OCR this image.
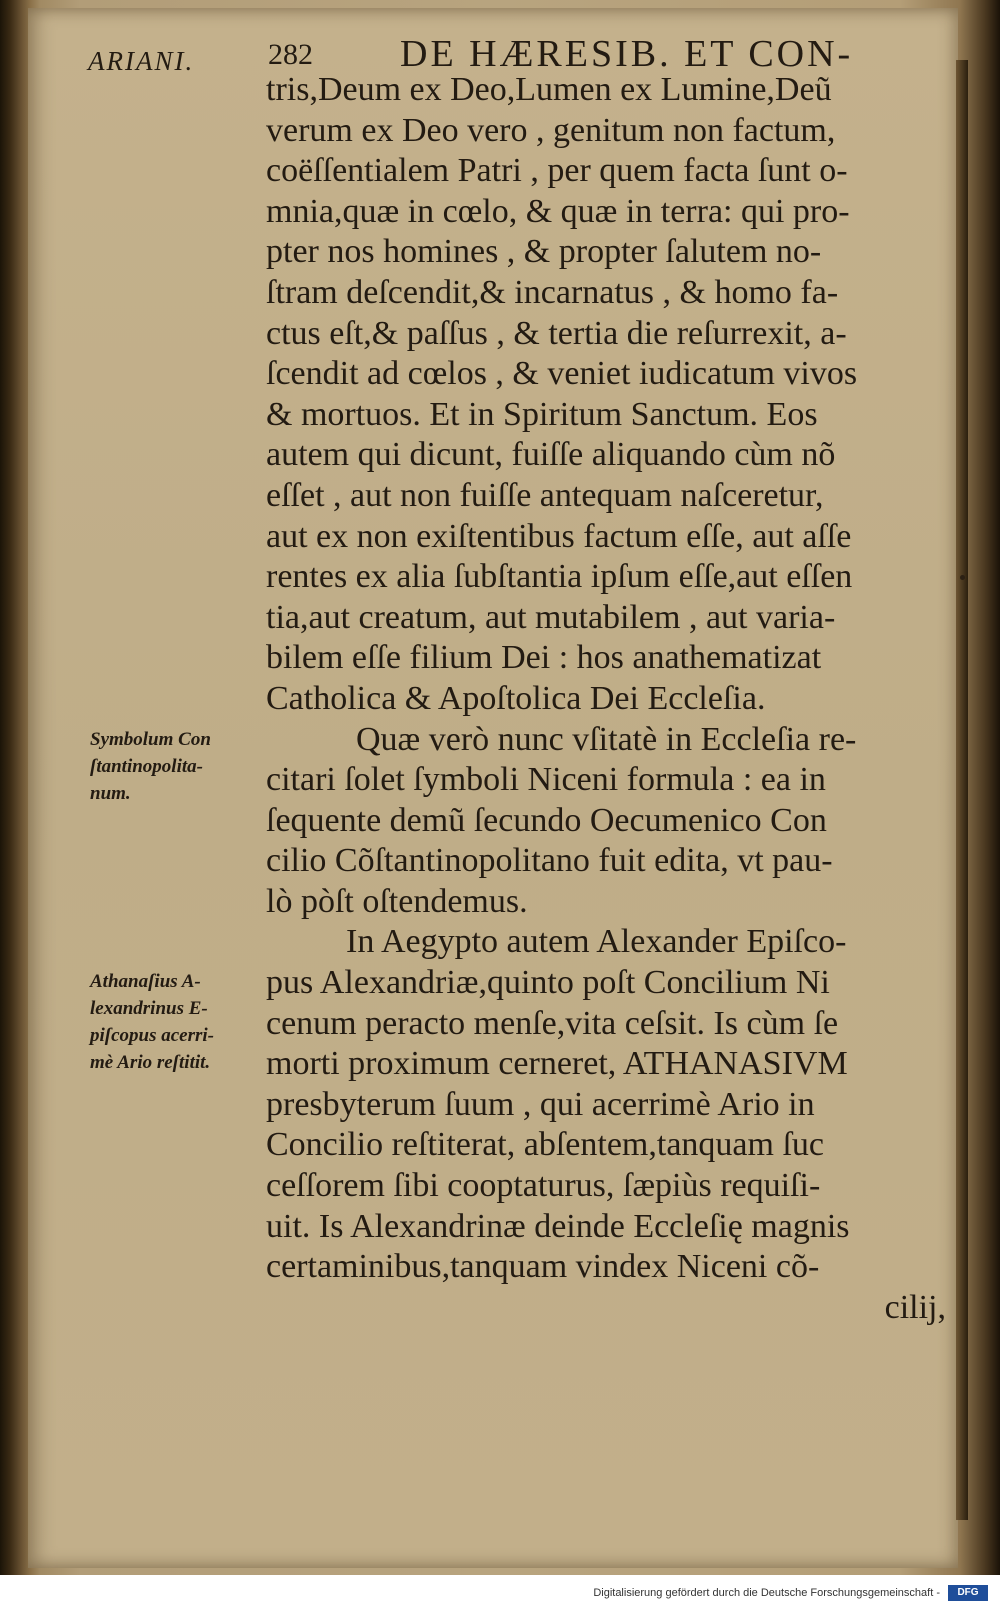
ARIANI. 282 DE HÆRESIB. ET CON-
tris,Deum ex Deo,Lumen ex Lumine,Deũ
verum ex Deo vero , genitum non factum,
coëſſentialem Patri , per quem facta ſunt o-
mnia,quæ in cœlo, & quæ in terra: qui pro-
pter nos homines , & propter ſalutem no-
ſtram deſcendit,& incarnatus , & homo fa-
ctus eſt,& paſſus , & tertia die reſurrexit, a-
ſcendit ad cœlos , & veniet iudicatum vivos
& mortuos. Et in Spiritum Sanctum. Eos
autem qui dicunt, fuiſſe aliquando cùm nõ
eſſet , aut non fuiſſe antequam naſceretur,
aut ex non exiſtentibus factum eſſe, aut aſſe
rentes ex alia ſubſtantia ipſum eſſe,aut eſſen
tia,aut creatum, aut mutabilem , aut varia-
bilem eſſe filium Dei : hos anathematizat
Catholica & Apoſtolica Dei Eccleſia.
Quæ verò nunc vſitatè in Eccleſia re-
citari ſolet ſymboli Niceni formula : ea in
ſequente demũ ſecundo Oecumenico Con
cilio Cõſtantinopolitano fuit edita, vt pau-
lò pòſt oſtendemus.
In Aegypto autem Alexander Epiſco-
pus Alexandriæ,quinto poſt Concilium Ni
cenum peracto menſe,vita ceſsit. Is cùm ſe
morti proximum cerneret, ATHANASIVM
presbyterum ſuum , qui acerrimè Ario in
Concilio reſtiterat, abſentem,tanquam ſuc
ceſſorem ſibi cooptaturus, ſæpiùs requiſi-
uit. Is Alexandrinæ deinde Eccleſię magnis
certaminibus,tanquam vindex Niceni cõ-
cilij,
Symbolum Con
ſtantinopolita-
num.
Athanaſius A-
lexandrinus E-
piſcopus acerri-
mè Ario reſtitit.
Digitalisierung gefördert durch die Deutsche Forschungsgemeinschaft -	DFG
